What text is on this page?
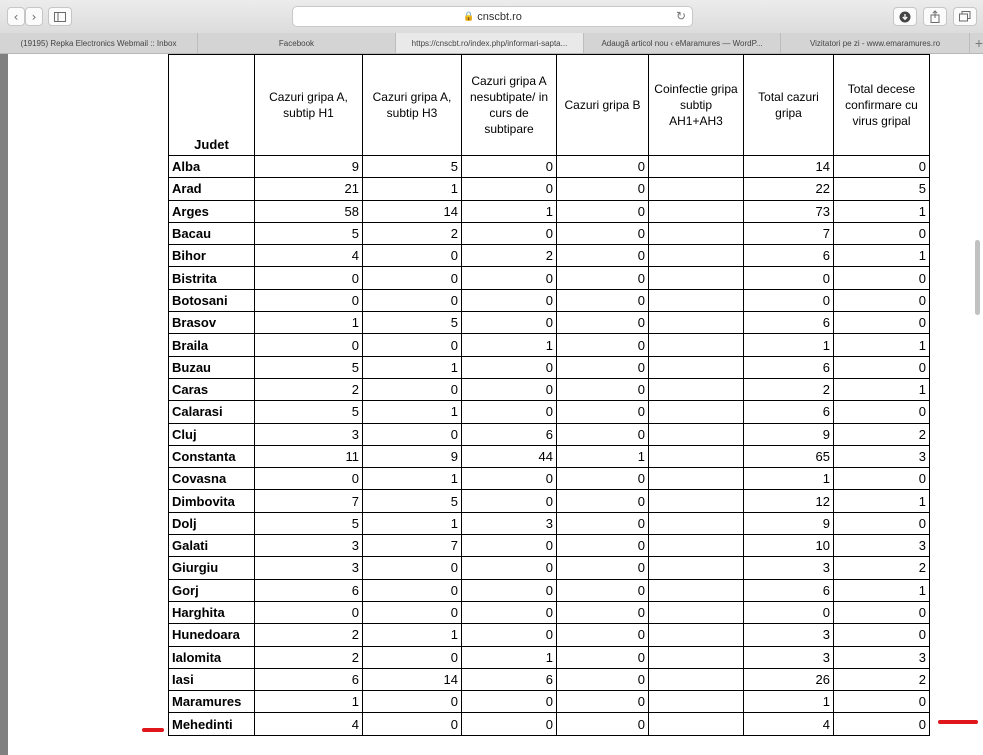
‹	›	🔒 cnscbt.ro	↻
(19195) Repka Electronics Webmail :: Inbox	Facebook	https://cnscbt.ro/index.php/informari-sapta...	Adaugă articol nou ‹ eMaramures — WordP...	Vizitatori pe zi - www.emaramures.ro	+
Judet	Cazuri gripa A, subtip H1	Cazuri gripa A, subtip H3	Cazuri gripa A nesubtipate/ in curs de subtipare	Cazuri gripa B	Coinfectie gripa subtip AH1+AH3	Total cazuri gripa	Total decese confirmare cu virus gripal
Alba	9	5	0	0		14	0
Arad	21	1	0	0		22	5
Arges	58	14	1	0		73	1
Bacau	5	2	0	0		7	0
Bihor	4	0	2	0		6	1
Bistrita	0	0	0	0		0	0
Botosani	0	0	0	0		0	0
Brasov	1	5	0	0		6	0
Braila	0	0	1	0		1	1
Buzau	5	1	0	0		6	0
Caras	2	0	0	0		2	1
Calarasi	5	1	0	0		6	0
Cluj	3	0	6	0		9	2
Constanta	11	9	44	1		65	3
Covasna	0	1	0	0		1	0
Dimbovita	7	5	0	0		12	1
Dolj	5	1	3	0		9	0
Galati	3	7	0	0		10	3
Giurgiu	3	0	0	0		3	2
Gorj	6	0	0	0		6	1
Harghita	0	0	0	0		0	0
Hunedoara	2	1	0	0		3	0
Ialomita	2	0	1	0		3	3
Iasi	6	14	6	0		26	2
Maramures	1	0	0	0		1	0
Mehedinti	4	0	0	0		4	0
